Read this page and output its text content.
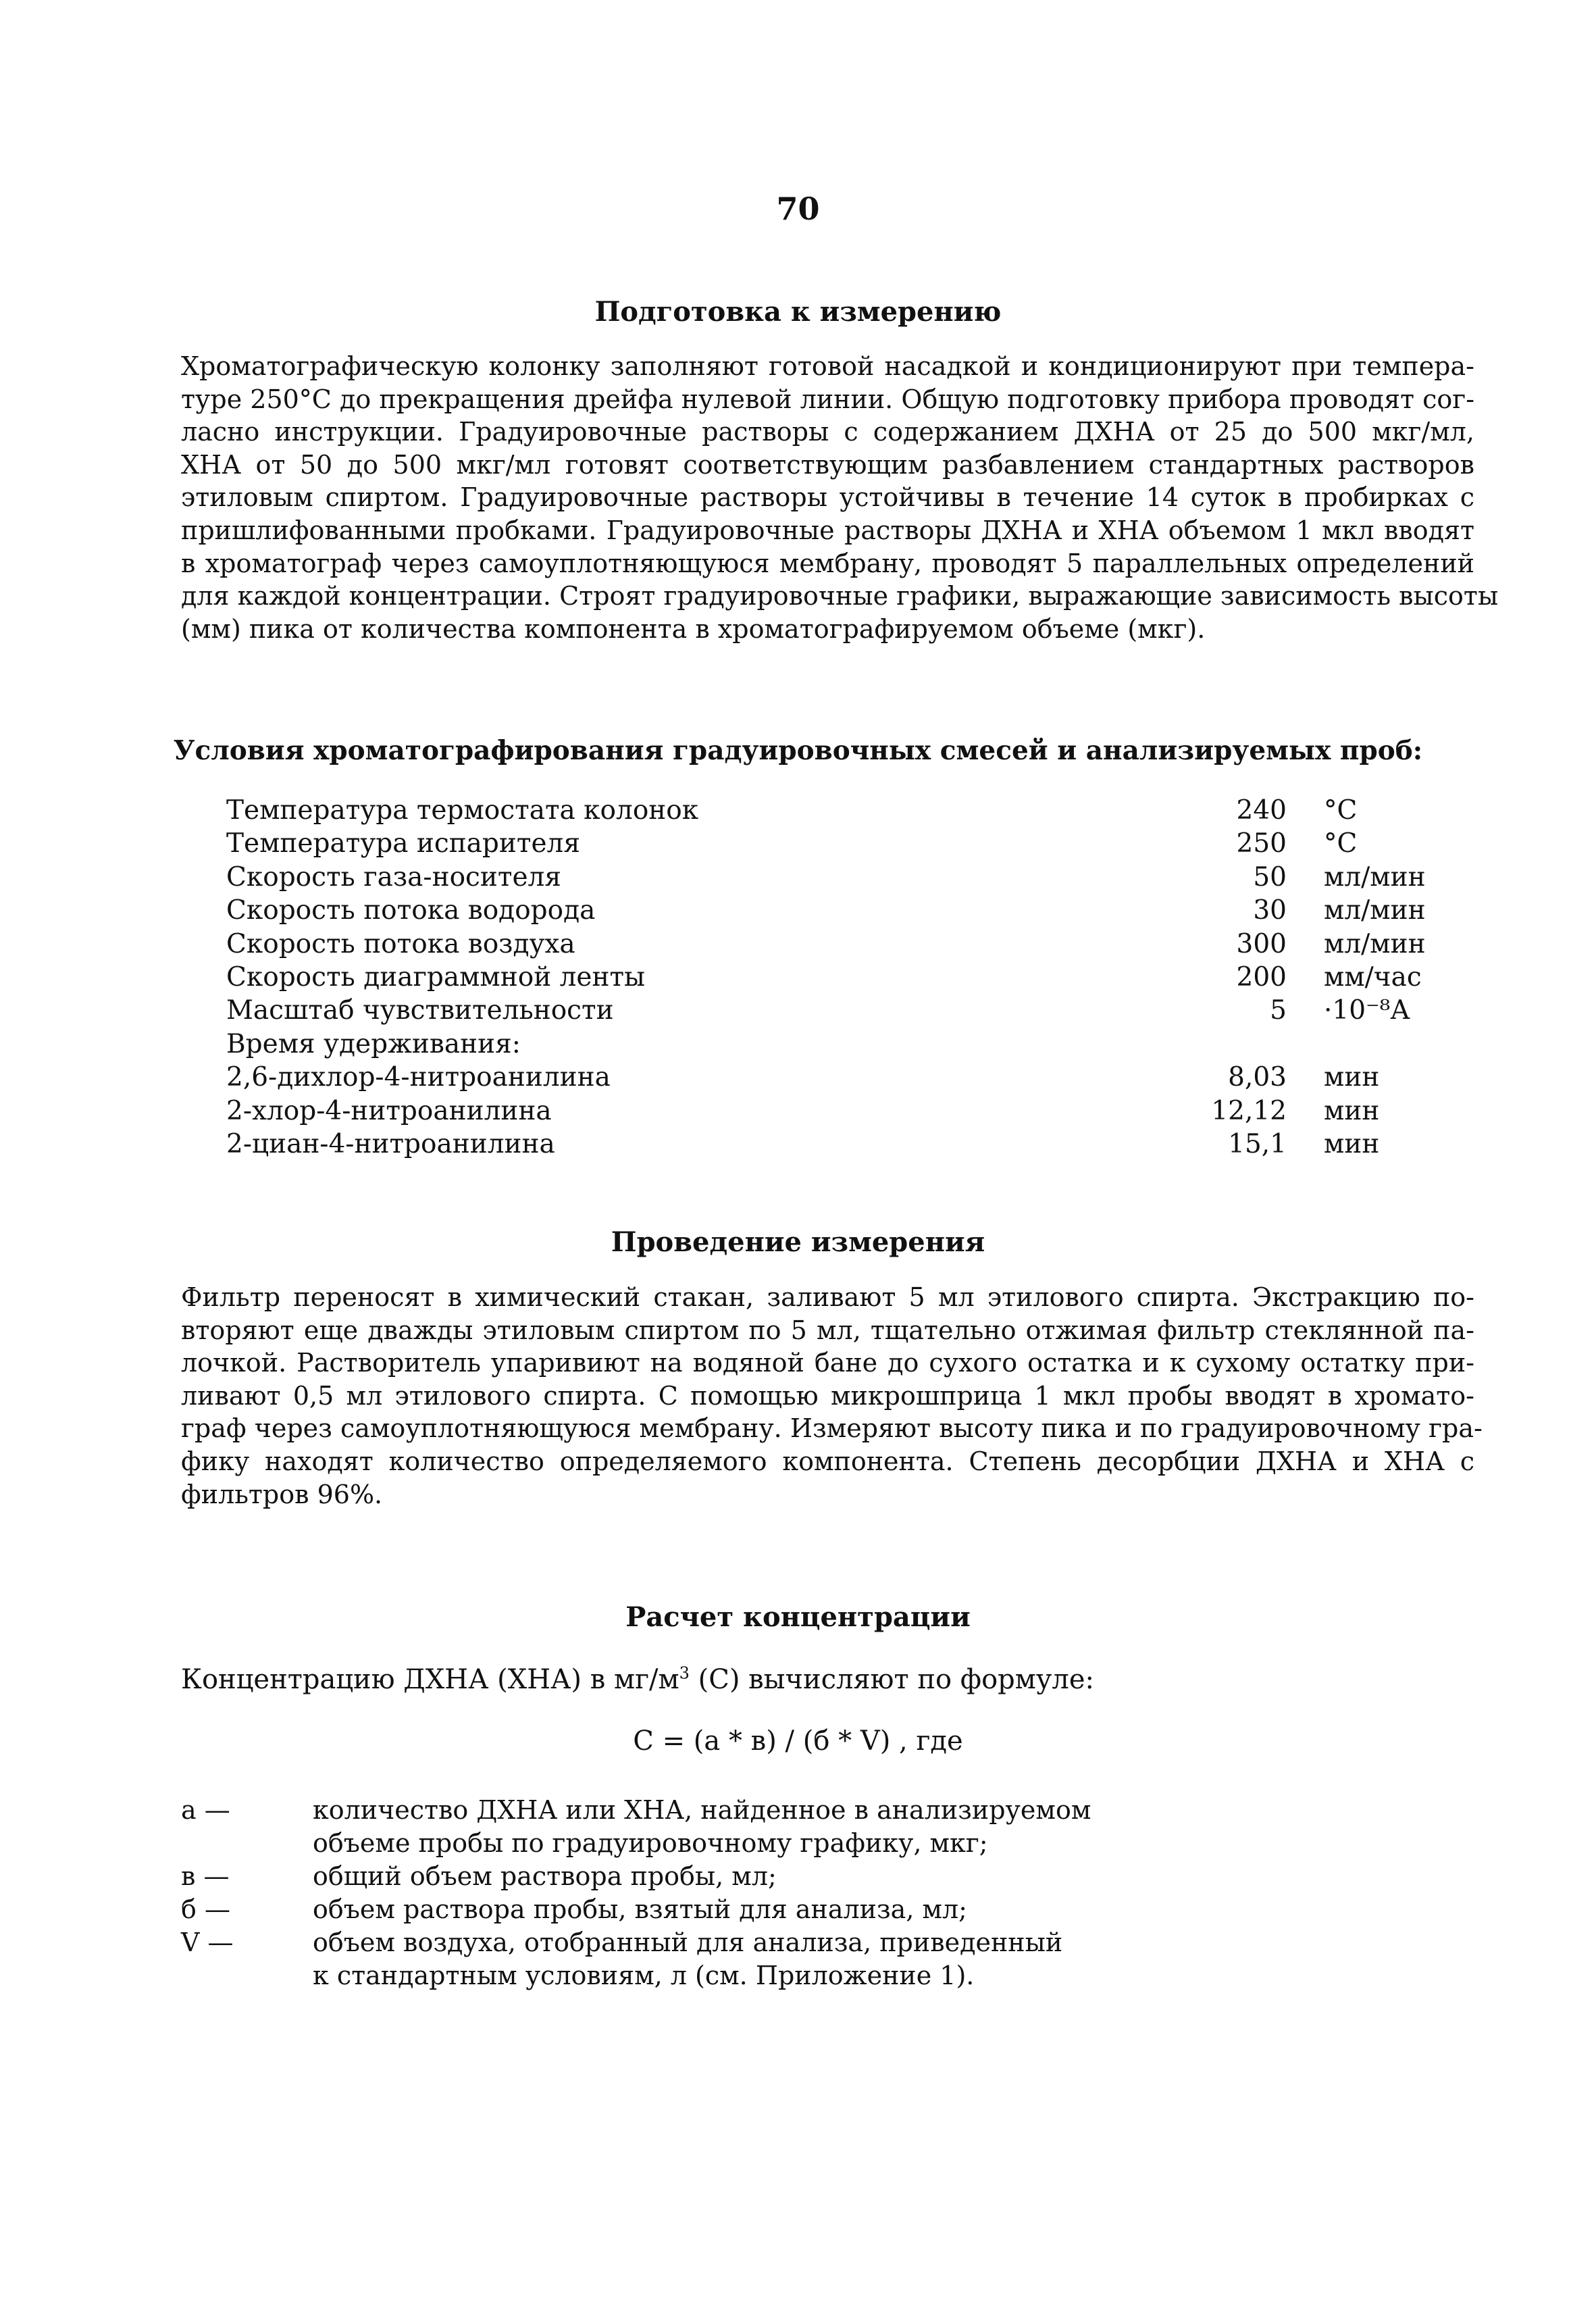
70
Подготовка к измерению
Хроматографическую колонку заполняют готовой насадкой и кондиционируют при темпера-
туре 250°С до прекращения дрейфа нулевой линии. Общую подготовку прибора проводят сог-
ласно инструкции. Градуировочные растворы с содержанием ДХНА от 25 до 500 мкг/мл,
ХНА от 50 до 500 мкг/мл готовят соответствующим разбавлением стандартных растворов
этиловым спиртом. Градуировочные растворы устойчивы в течение 14 суток в пробирках с
пришлифованными пробками. Градуировочные растворы ДХНА и ХНА объемом 1 мкл вводят
в хроматограф через самоуплотняющуюся мембрану, проводят 5 параллельных определений
для каждой концентрации. Строят градуировочные графики, выражающие зависимость высоты
(мм) пика от количества компонента в хроматографируемом объеме (мкг).
Условия хроматографирования градуировочных смесей и анализируемых проб:
Температура термостата колонок	240 °С
Температура испарителя	250 °С
Скорость газа-носителя	50 мл/мин
Скорость потока водорода	30 мл/мин
Скорость потока воздуха	300 мл/мин
Скорость диаграммной ленты	200 мм/час
Масштаб чувствительности	5 ·10⁻⁸А
Время удерживания:
2,6-дихлор-4-нитроанилина	8,03 мин
2-хлор-4-нитроанилина	12,12 мин
2-циан-4-нитроанилина	15,1 мин
Проведение измерения
Фильтр переносят в химический стакан, заливают 5 мл этилового спирта. Экстракцию по-
вторяют еще дважды этиловым спиртом по 5 мл, тщательно отжимая фильтр стеклянной па-
лочкой. Растворитель упаривиют на водяной бане до сухого остатка и к сухому остатку при-
ливают 0,5 мл этилового спирта. С помощью микрошприца 1 мкл пробы вводят в хромато-
граф через самоуплотняющуюся мембрану. Измеряют высоту пика и по градуировочному гра-
фику находят количество определяемого компонента. Степень десорбции ДХНА и ХНА с
фильтров 96%.
Расчет концентрации
Концентрацию ДХНА (ХНА) в $мг/м^3$ (С) вычисляют по формуле:
С = (а * в) / (б * V) , где
а —	количество ДХНА или ХНА, найденное в анализируемом
объеме пробы по градуировочному графику, мкг;
в —	общий объем раствора пробы, мл;
б —	объем раствора пробы, взятый для анализа, мл;
V —	объем воздуха, отобранный для анализа, приведенный
к стандартным условиям, л (см. Приложение 1).
